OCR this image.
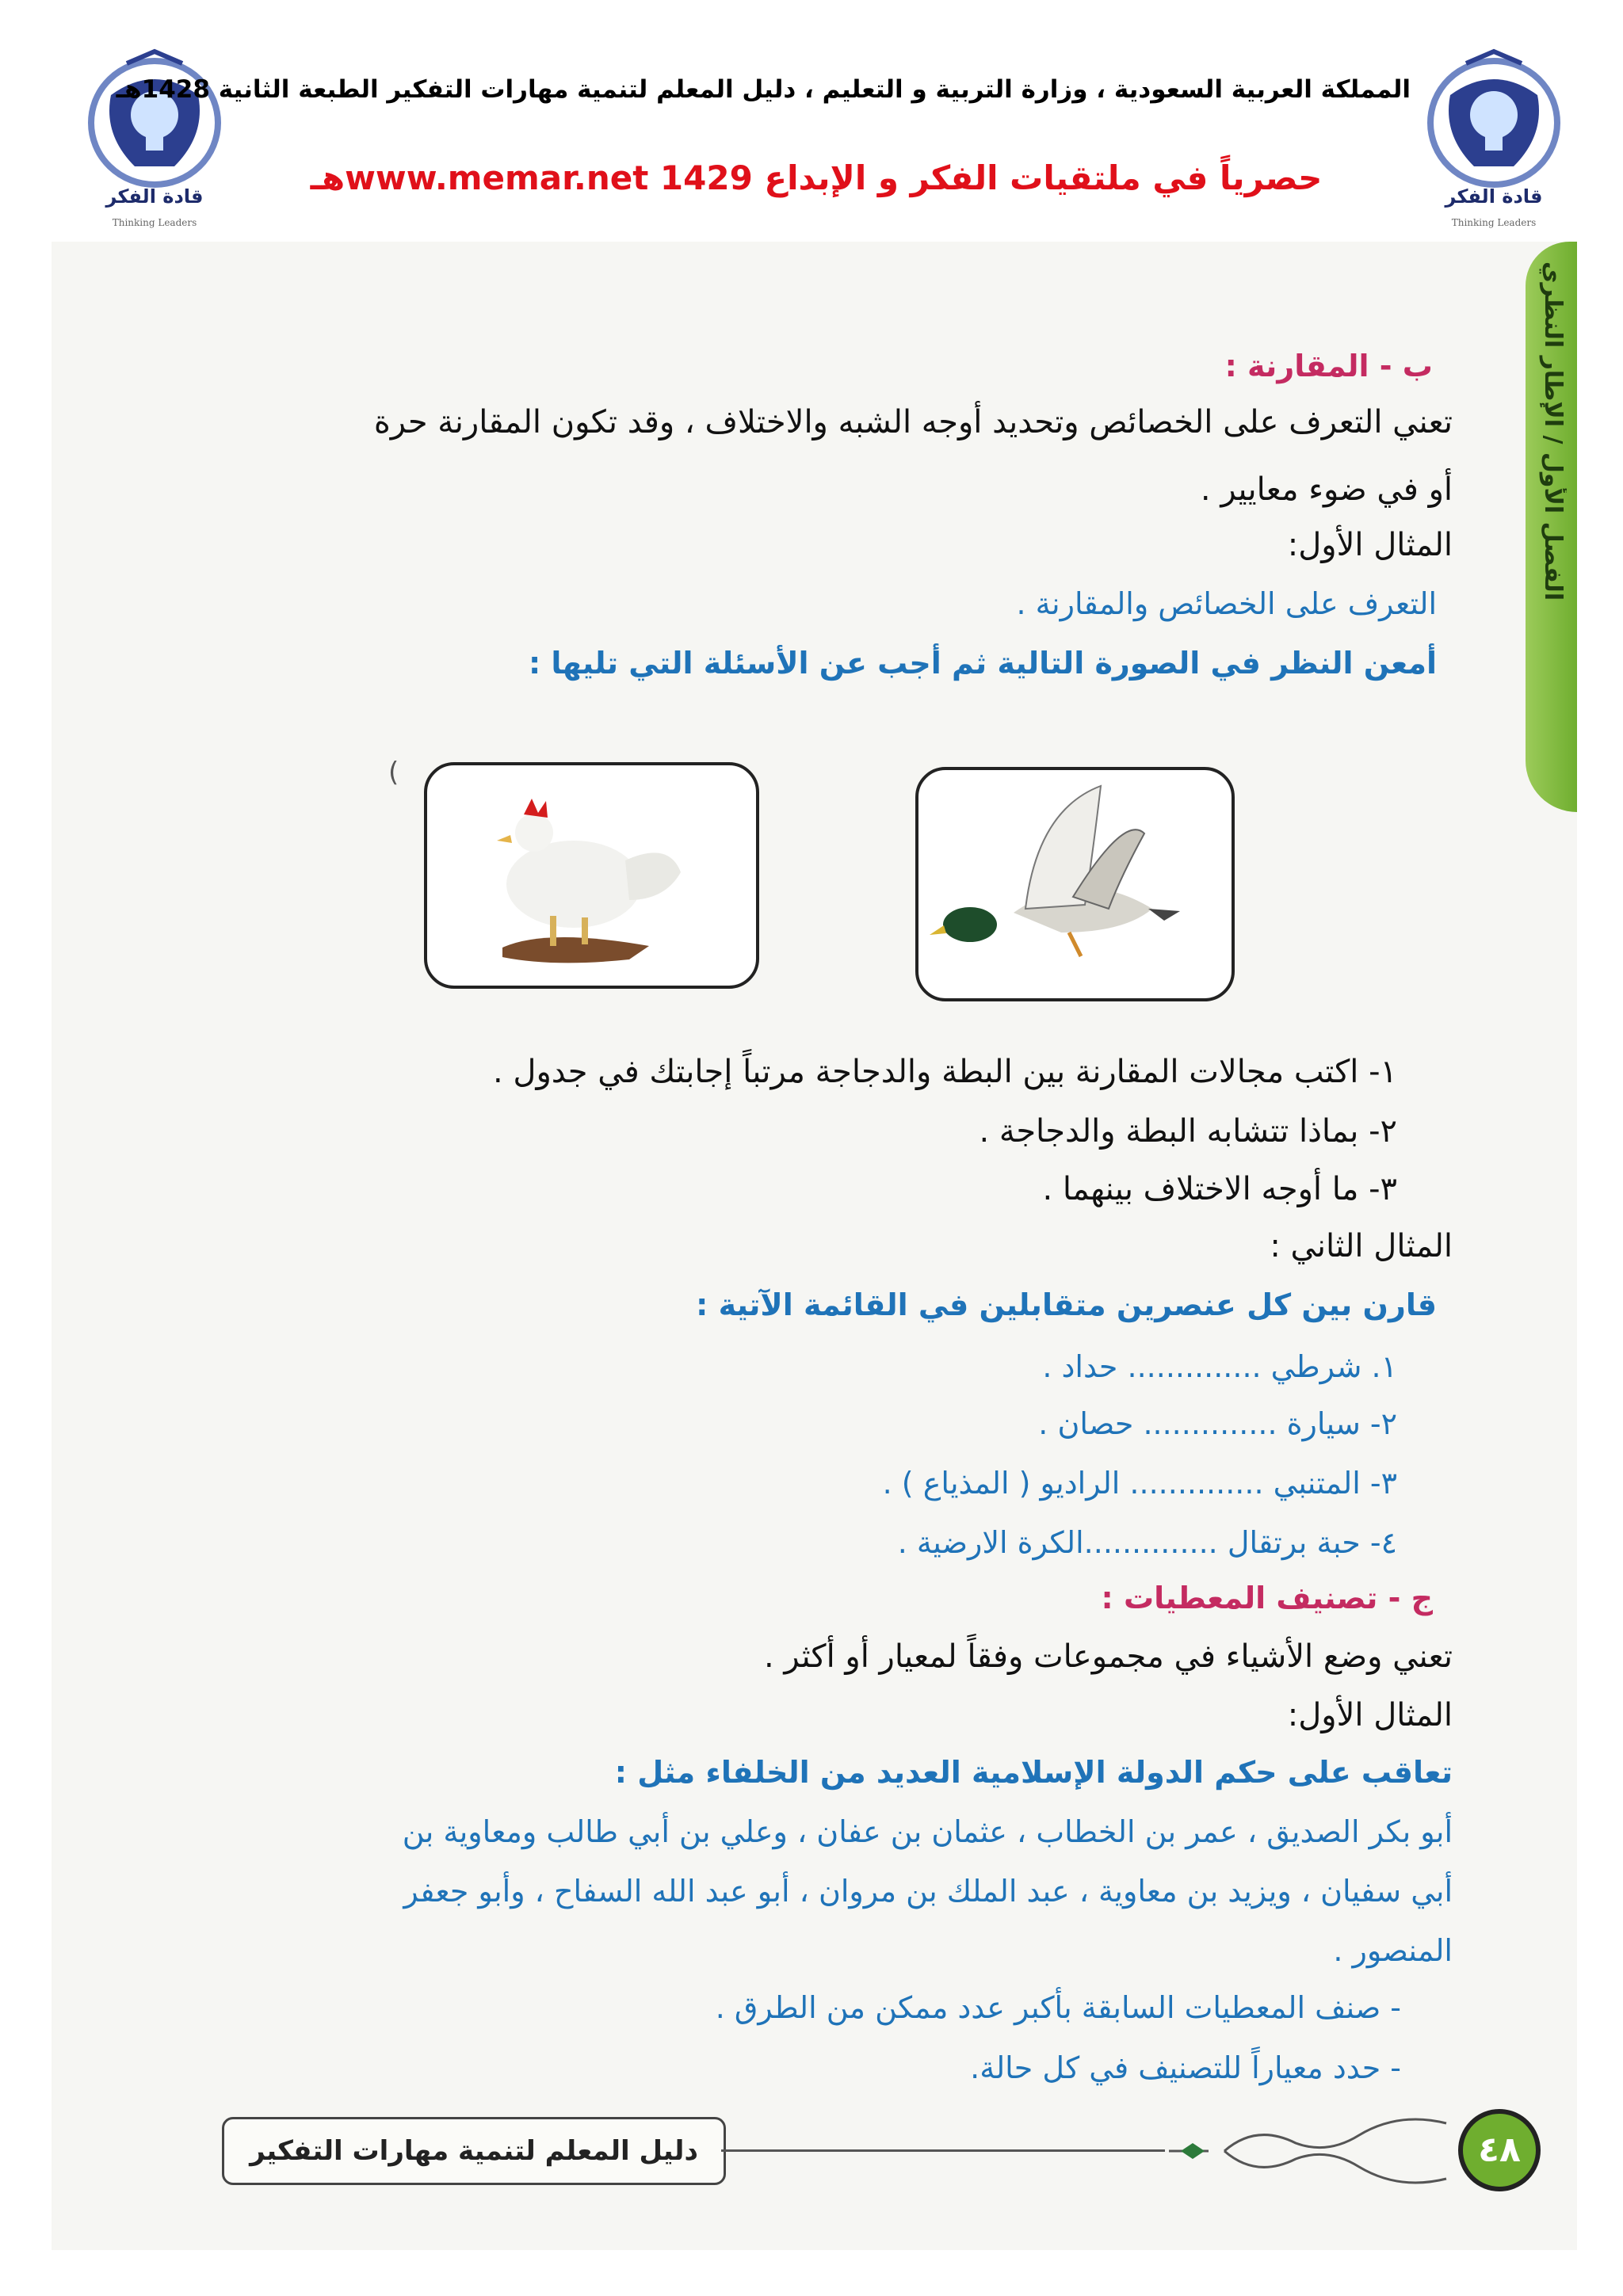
قادة الفكر
Thinking Leaders
قادة الفكر
Thinking Leaders
المملكة العربية السعودية ، وزارة التربية و التعليم ، دليل المعلم لتنمية مهارات التفكير الطبعة الثانية 1428هـ
حصرياً في ملتقيات الفكر و الإبداع www.memar.net 1429هـ
الفصل الأول / الإطار النظري
ب - المقارنة :
تعني التعرف على الخصائص وتحديد أوجه الشبه والاختلاف ، وقد تكون المقارنة حرة
أو في ضوء معايير .
المثال الأول:
التعرف على الخصائص والمقارنة .
أمعن النظر في الصورة التالية ثم أجب عن الأسئلة التي تليها :
)
١- اكتب مجالات المقارنة بين البطة والدجاجة مرتباً إجابتك في جدول .
٢- بماذا تتشابه البطة والدجاجة .
٣- ما أوجه الاختلاف بينهما .
المثال الثاني :
قارن بين كل عنصرين متقابلين في القائمة الآتية :
١. شرطي .............. حداد .
٢- سيارة .............. حصان .
٣- المتنبي .............. الراديو ( المذياع ) .
٤- حبة برتقال ..............الكرة الارضية .
ج - تصنيف المعطيات :
تعني وضع الأشياء في مجموعات وفقاً لمعيار أو أكثر .
المثال الأول:
تعاقب على حكم الدولة الإسلامية العديد من الخلفاء مثل :
أبو بكر الصديق ، عمر بن الخطاب ، عثمان بن عفان ، وعلي بن أبي طالب ومعاوية بن
أبي سفيان ، ويزيد بن معاوية ، عبد الملك بن مروان ، أبو عبد الله السفاح ، وأبو جعفر
المنصور .
- صنف المعطيات السابقة بأكبر عدد ممكن من الطرق .
- حدد معياراً للتصنيف في كل حالة.
دليل المعلم لتنمية مهارات التفكير	٤٨
